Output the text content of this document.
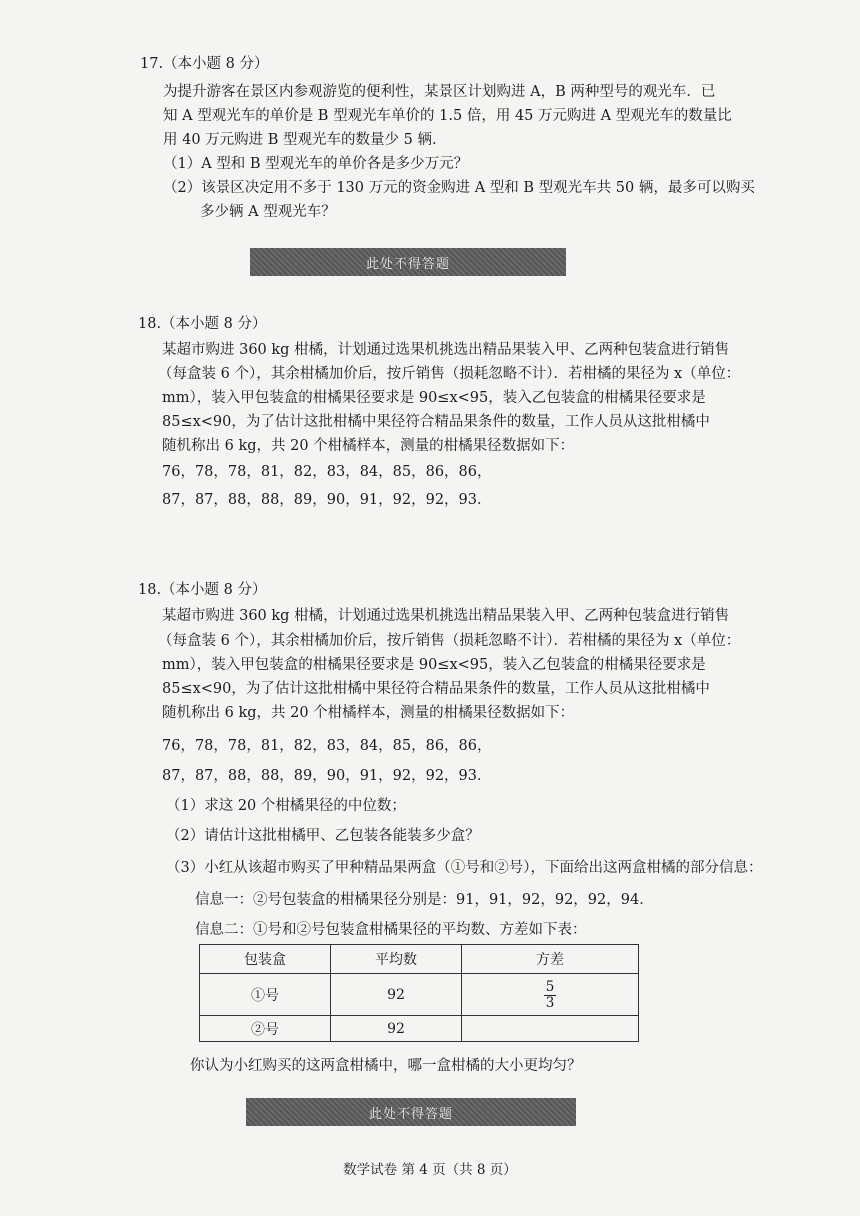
17.（本小题 8 分）
为提升游客在景区内参观游览的便利性，某景区计划购进 A，B 两种型号的观光车．已
知 A 型观光车的单价是 B 型观光车单价的 1.5 倍，用 45 万元购进 A 型观光车的数量比
用 40 万元购进 B 型观光车的数量少 5 辆．
（1）A 型和 B 型观光车的单价各是多少万元？
（2）该景区决定用不多于 130 万元的资金购进 A 型和 B 型观光车共 50 辆，最多可以购买
多少辆 A 型观光车？
此处不得答题
18.（本小题 8 分）
某超市购进 360 kg 柑橘，计划通过选果机挑选出精品果装入甲、乙两种包装盒进行销售
（每盒装 6 个），其余柑橘加价后，按斤销售（损耗忽略不计）．若柑橘的果径为 x（单位：
mm），装入甲包装盒的柑橘果径要求是 90≤x<95，装入乙包装盒的柑橘果径要求是
85≤x<90，为了估计这批柑橘中果径符合精品果条件的数量，工作人员从这批柑橘中
随机称出 6 kg，共 20 个柑橘样本，测量的柑橘果径数据如下：
76，78，78，81，82，83，84，85，86，86，
87，87，88，88，89，90，91，92，92，93．
18.（本小题 8 分）
某超市购进 360 kg 柑橘，计划通过选果机挑选出精品果装入甲、乙两种包装盒进行销售
（每盒装 6 个），其余柑橘加价后，按斤销售（损耗忽略不计）．若柑橘的果径为 x（单位：
mm），装入甲包装盒的柑橘果径要求是 90≤x<95，装入乙包装盒的柑橘果径要求是
85≤x<90，为了估计这批柑橘中果径符合精品果条件的数量，工作人员从这批柑橘中
随机称出 6 kg，共 20 个柑橘样本，测量的柑橘果径数据如下：
76，78，78，81，82，83，84，85，86，86，
87，87，88，88，89，90，91，92，92，93．
（1）求这 20 个柑橘果径的中位数；
（2）请估计这批柑橘甲、乙包装各能装多少盒？
（3）小红从该超市购买了甲种精品果两盒（①号和②号），下面给出这两盒柑橘的部分信息：
信息一：②号包装盒的柑橘果径分别是：91，91，92，92，92，94．
信息二：①号和②号包装盒柑橘果径的平均数、方差如下表：
包装盒	平均数	方差
①号	92	$\frac{5}{3}$

②号	92	
你认为小红购买的这两盒柑橘中，哪一盒柑橘的大小更均匀？
此处不得答题
数学试卷 第 4 页（共 8 页）
